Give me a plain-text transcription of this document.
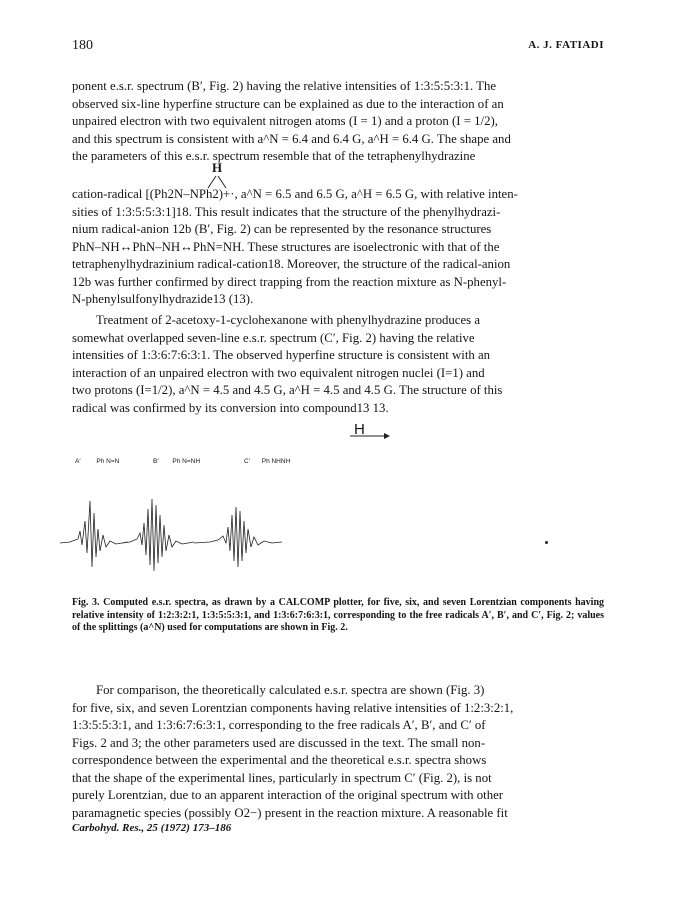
180	A. J. FATIADI

ponent e.s.r. spectrum (B′, Fig. 2) having the relative intensities of 1:3:5:5:3:1. The

observed six-line hyperfine structure can be explained as due to the interaction of an

unpaired electron with two equivalent nitrogen atoms (I = 1) and a proton (I = 1/2),

and this spectrum is consistent with a^N = 6.4 and 6.4 G, a^H = 6.4 G. The shape and

the parameters of this e.s.r. spectrum resemble that of the tetraphenylhydrazine

H

cation-radical [(Ph2N–NPh2)+·, a^N = 6.5 and 6.5 G, a^H = 6.5 G, with relative inten-

sities of 1:3:5:5:3:1]18. This result indicates that the structure of the phenylhydrazi-

nium radical-anion 12b (B′, Fig. 2) can be represented by the resonance structures

PhN–NH↔PhN–NH↔PhN=NH. These structures are isoelectronic with that of the

tetraphenylhydrazinium radical-cation18. Moreover, the structure of the radical-anion

12b was further confirmed by direct trapping from the reaction mixture as N-phenyl-

N-phenylsulfonylhydrazide13 (13).

Treatment of 2-acetoxy-1-cyclohexanone with phenylhydrazine produces a

somewhat overlapped seven-line e.s.r. spectrum (C′, Fig. 2) having the relative

intensities of 1:3:6:7:6:3:1. The observed hyperfine structure is consistent with an

interaction of an unpaired electron with two equivalent nitrogen nuclei (I=1) and

two protons (I=1/2), a^N = 4.5 and 4.5 G, a^H = 4.5 and 4.5 G. The structure of this

radical was confirmed by its conversion into compound13 13.

H
A′ Ph N=N	B′ Ph N=NH	C′ Ph NHNH
Fig. 3. Computed e.s.r. spectra, as drawn by a CALCOMP plotter, for five, six, and seven Lorentzian components having relative intensity of 1:2:3:2:1, 1:3:5:5:3:1, and 1:3:6:7:6:3:1, corresponding to the free radicals A′, B′, and C′, Fig. 2; values of the splittings (a^N) used for computations are shown in Fig. 2.

For comparison, the theoretically calculated e.s.r. spectra are shown (Fig. 3)

for five, six, and seven Lorentzian components having relative intensities of 1:2:3:2:1,

1:3:5:5:3:1, and 1:3:6:7:6:3:1, corresponding to the free radicals A′, B′, and C′ of

Figs. 2 and 3; the other parameters used are discussed in the text. The small non-

correspondence between the experimental and the theoretical e.s.r. spectra shows

that the shape of the experimental lines, particularly in spectrum C′ (Fig. 2), is not

purely Lorentzian, due to an apparent interaction of the original spectrum with other

paramagnetic species (possibly O2−) present in the reaction mixture. A reasonable fit

Carbohyd. Res., 25 (1972) 173–186
